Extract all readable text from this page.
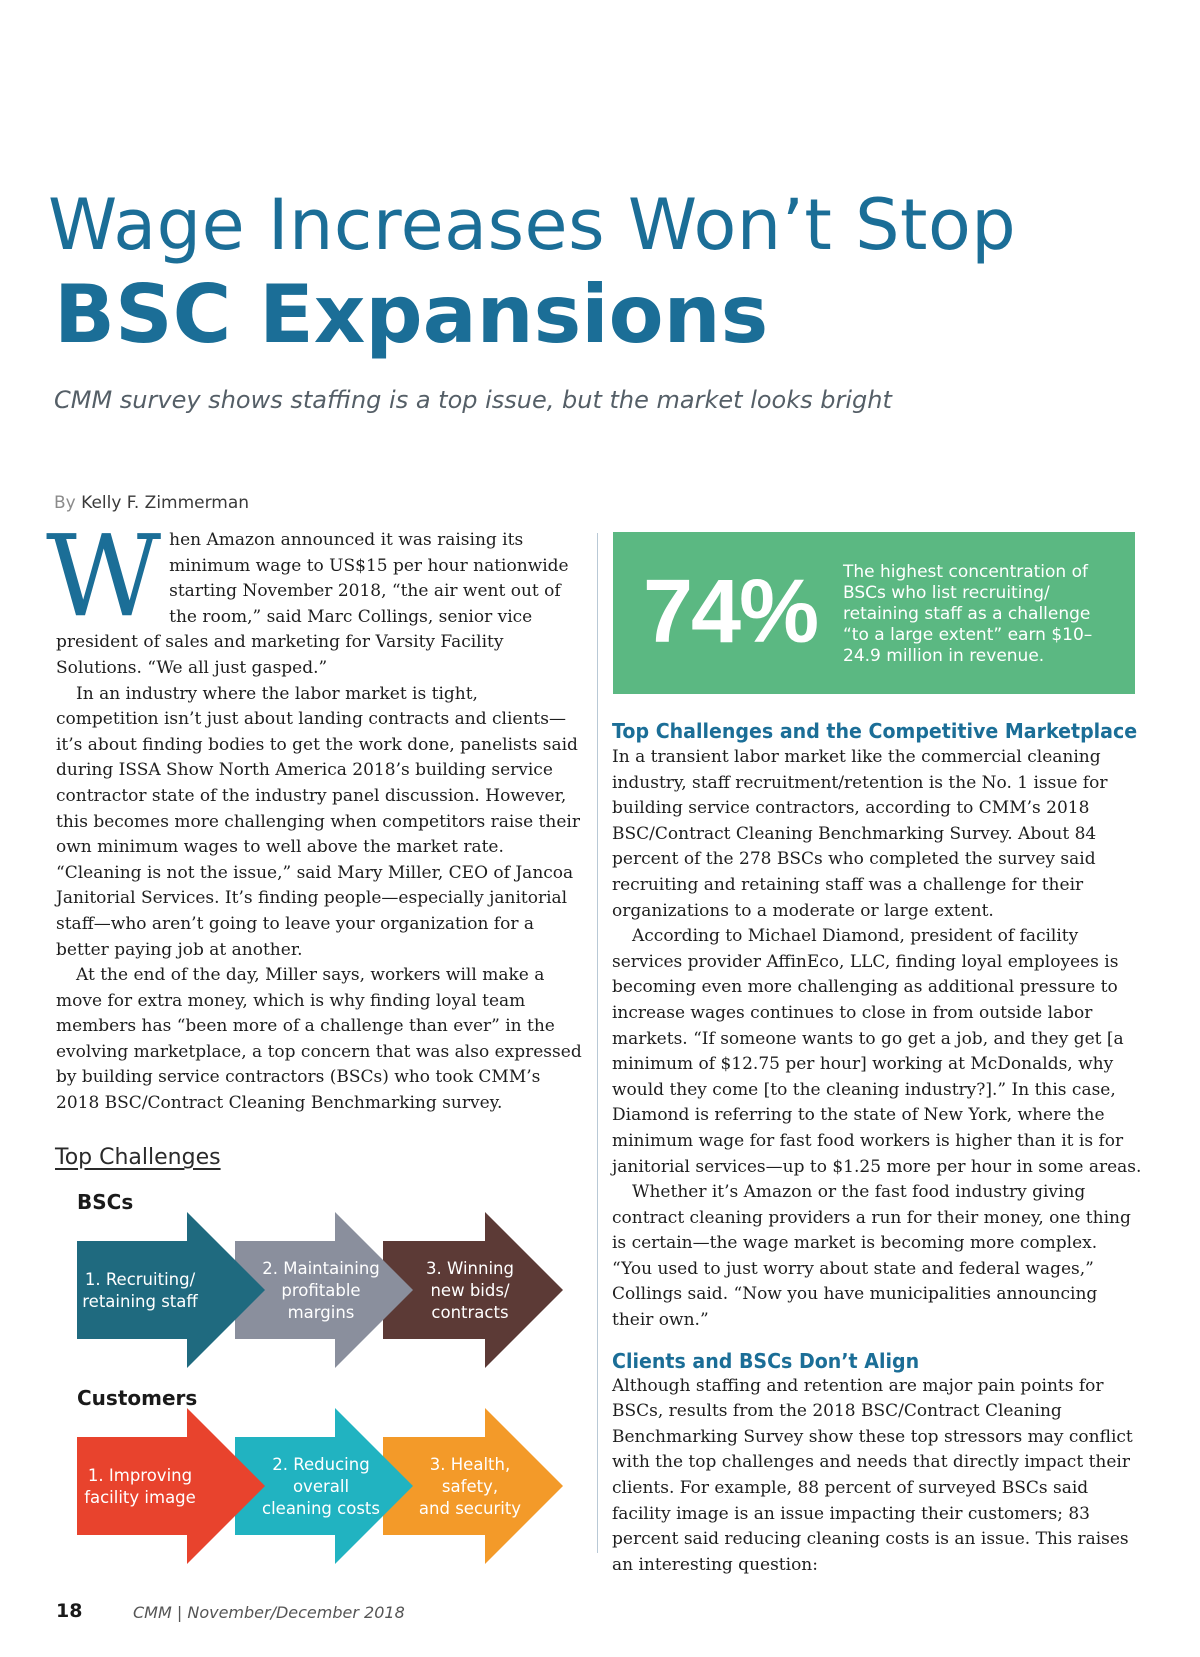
Wage Increases Won’t Stop
BSC Expansions

CMM survey shows staffing is a top issue, but the market looks bright

By Kelly F. Zimmerman

When Amazon announced it was raising its minimum wage to US$15 per hour nationwide starting November 2018, “the air went out of the room,” said Marc Collings, senior vice president of sales and marketing for Varsity Facility Solutions. “We all just gasped.”

In an industry where the labor market is tight, competition isn’t just about landing contracts and clients—it’s about finding bodies to get the work done, panelists said during ISSA Show North America 2018’s building service contractor state of the industry panel discussion. However, this becomes more challenging when competitors raise their own minimum wages to well above the market rate. “Cleaning is not the issue,” said Mary Miller, CEO of Jancoa Janitorial Services. It’s finding people—especially janitorial staff—who aren’t going to leave your organization for a better paying job at another.

At the end of the day, Miller says, workers will make a move for extra money, which is why finding loyal team members has “been more of a challenge than ever” in the evolving marketplace, a top concern that was also expressed by building service contractors (BSCs) who took CMM’s 2018 BSC/Contract Cleaning Benchmarking survey.

74% The highest concentration of BSCs who list recruiting/ retaining staff as a challenge “to a large extent” earn $10–24.9 million in revenue.
Top Challenges and the Competitive Marketplace

In a transient labor market like the commercial cleaning industry, staff recruitment/retention is the No. 1 issue for building service contractors, according to CMM’s 2018 BSC/Contract Cleaning Benchmarking Survey. About 84 percent of the 278 BSCs who completed the survey said recruiting and retaining staff was a challenge for their organizations to a moderate or large extent.

According to Michael Diamond, president of facility services provider AffinEco, LLC, finding loyal employees is becoming even more challenging as additional pressure to increase wages continues to close in from outside labor markets. “If someone wants to go get a job, and they get [a minimum of $12.75 per hour] working at McDonalds, why would they come [to the cleaning industry?].” In this case, Diamond is referring to the state of New York, where the minimum wage for fast food workers is higher than it is for janitorial services—up to $1.25 more per hour in some areas.

Whether it’s Amazon or the fast food industry giving contract cleaning providers a run for their money, one thing is certain—the wage market is becoming more complex. “You used to just worry about state and federal wages,” Collings said. “Now you have municipalities announcing their own.”

Clients and BSCs Don’t Align

Although staffing and retention are major pain points for BSCs, results from the 2018 BSC/Contract Cleaning Benchmarking Survey show these top stressors may conflict with the top challenges and needs that directly impact their clients. For example, 88 percent of surveyed BSCs said facility image is an issue impacting their customers; 83 percent said reducing cleaning costs is an issue. This raises an interesting question:

Top Challenges
BSCs
Customers
1. Recruiting/ retaining staff
2. Maintaining profitable margins
3. Winning new bids/ contracts
1. Improving facility image
2. Reducing overall cleaning costs
3. Health, safety, and security
18	CMM | November/December 2018
